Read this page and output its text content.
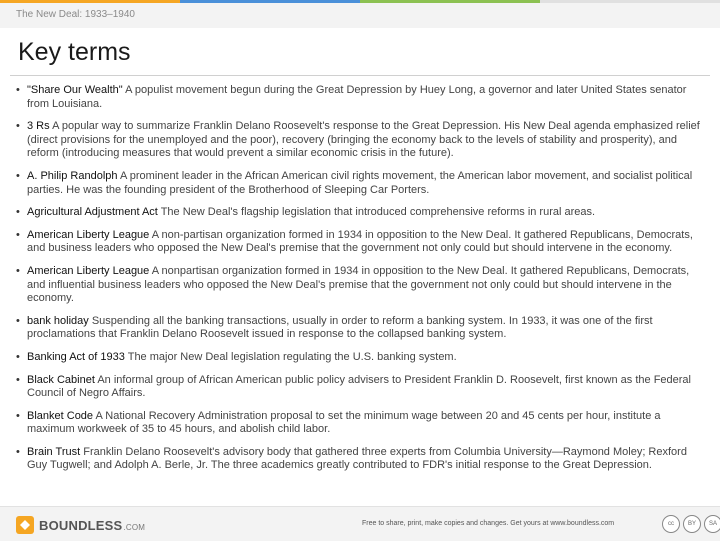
The New Deal: 1933–1940
Key terms
• "Share Our Wealth" A populist movement begun during the Great Depression by Huey Long, a governor and later United States senator from Louisiana.
• 3 Rs A popular way to summarize Franklin Delano Roosevelt's response to the Great Depression. His New Deal agenda emphasized relief (direct provisions for the unemployed and the poor), recovery (bringing the economy back to the levels of stability and prosperity), and reform (introducing measures that would prevent a similar economic crisis in the future).
• A. Philip Randolph A prominent leader in the African American civil rights movement, the American labor movement, and socialist political parties. He was the founding president of the Brotherhood of Sleeping Car Porters.
• Agricultural Adjustment Act The New Deal's flagship legislation that introduced comprehensive reforms in rural areas.
• American Liberty League A non-partisan organization formed in 1934 in opposition to the New Deal. It gathered Republicans, Democrats, and business leaders who opposed the New Deal's premise that the government not only could but should intervene in the economy.
• American Liberty League A nonpartisan organization formed in 1934 in opposition to the New Deal. It gathered Republicans, Democrats, and influential business leaders who opposed the New Deal's premise that the government not only could but should intervene in the economy.
• bank holiday Suspending all the banking transactions, usually in order to reform a banking system. In 1933, it was one of the first proclamations that Franklin Delano Roosevelt issued in response to the collapsed banking system.
• Banking Act of 1933 The major New Deal legislation regulating the U.S. banking system.
• Black Cabinet An informal group of African American public policy advisers to President Franklin D. Roosevelt, first known as the Federal Council of Negro Affairs.
• Blanket Code A National Recovery Administration proposal to set the minimum wage between 20 and 45 cents per hour, institute a maximum workweek of 35 to 45 hours, and abolish child labor.
• Brain Trust Franklin Delano Roosevelt's advisory body that gathered three experts from Columbia University—Raymond Moley; Rexford Guy Tugwell; and Adolph A. Berle, Jr. The three academics greatly contributed to FDR's initial response to the Great Depression.
BOUNDLESS.COM	Free to share, print, make copies and changes. Get yours at www.boundless.com	cc	BY	SA
